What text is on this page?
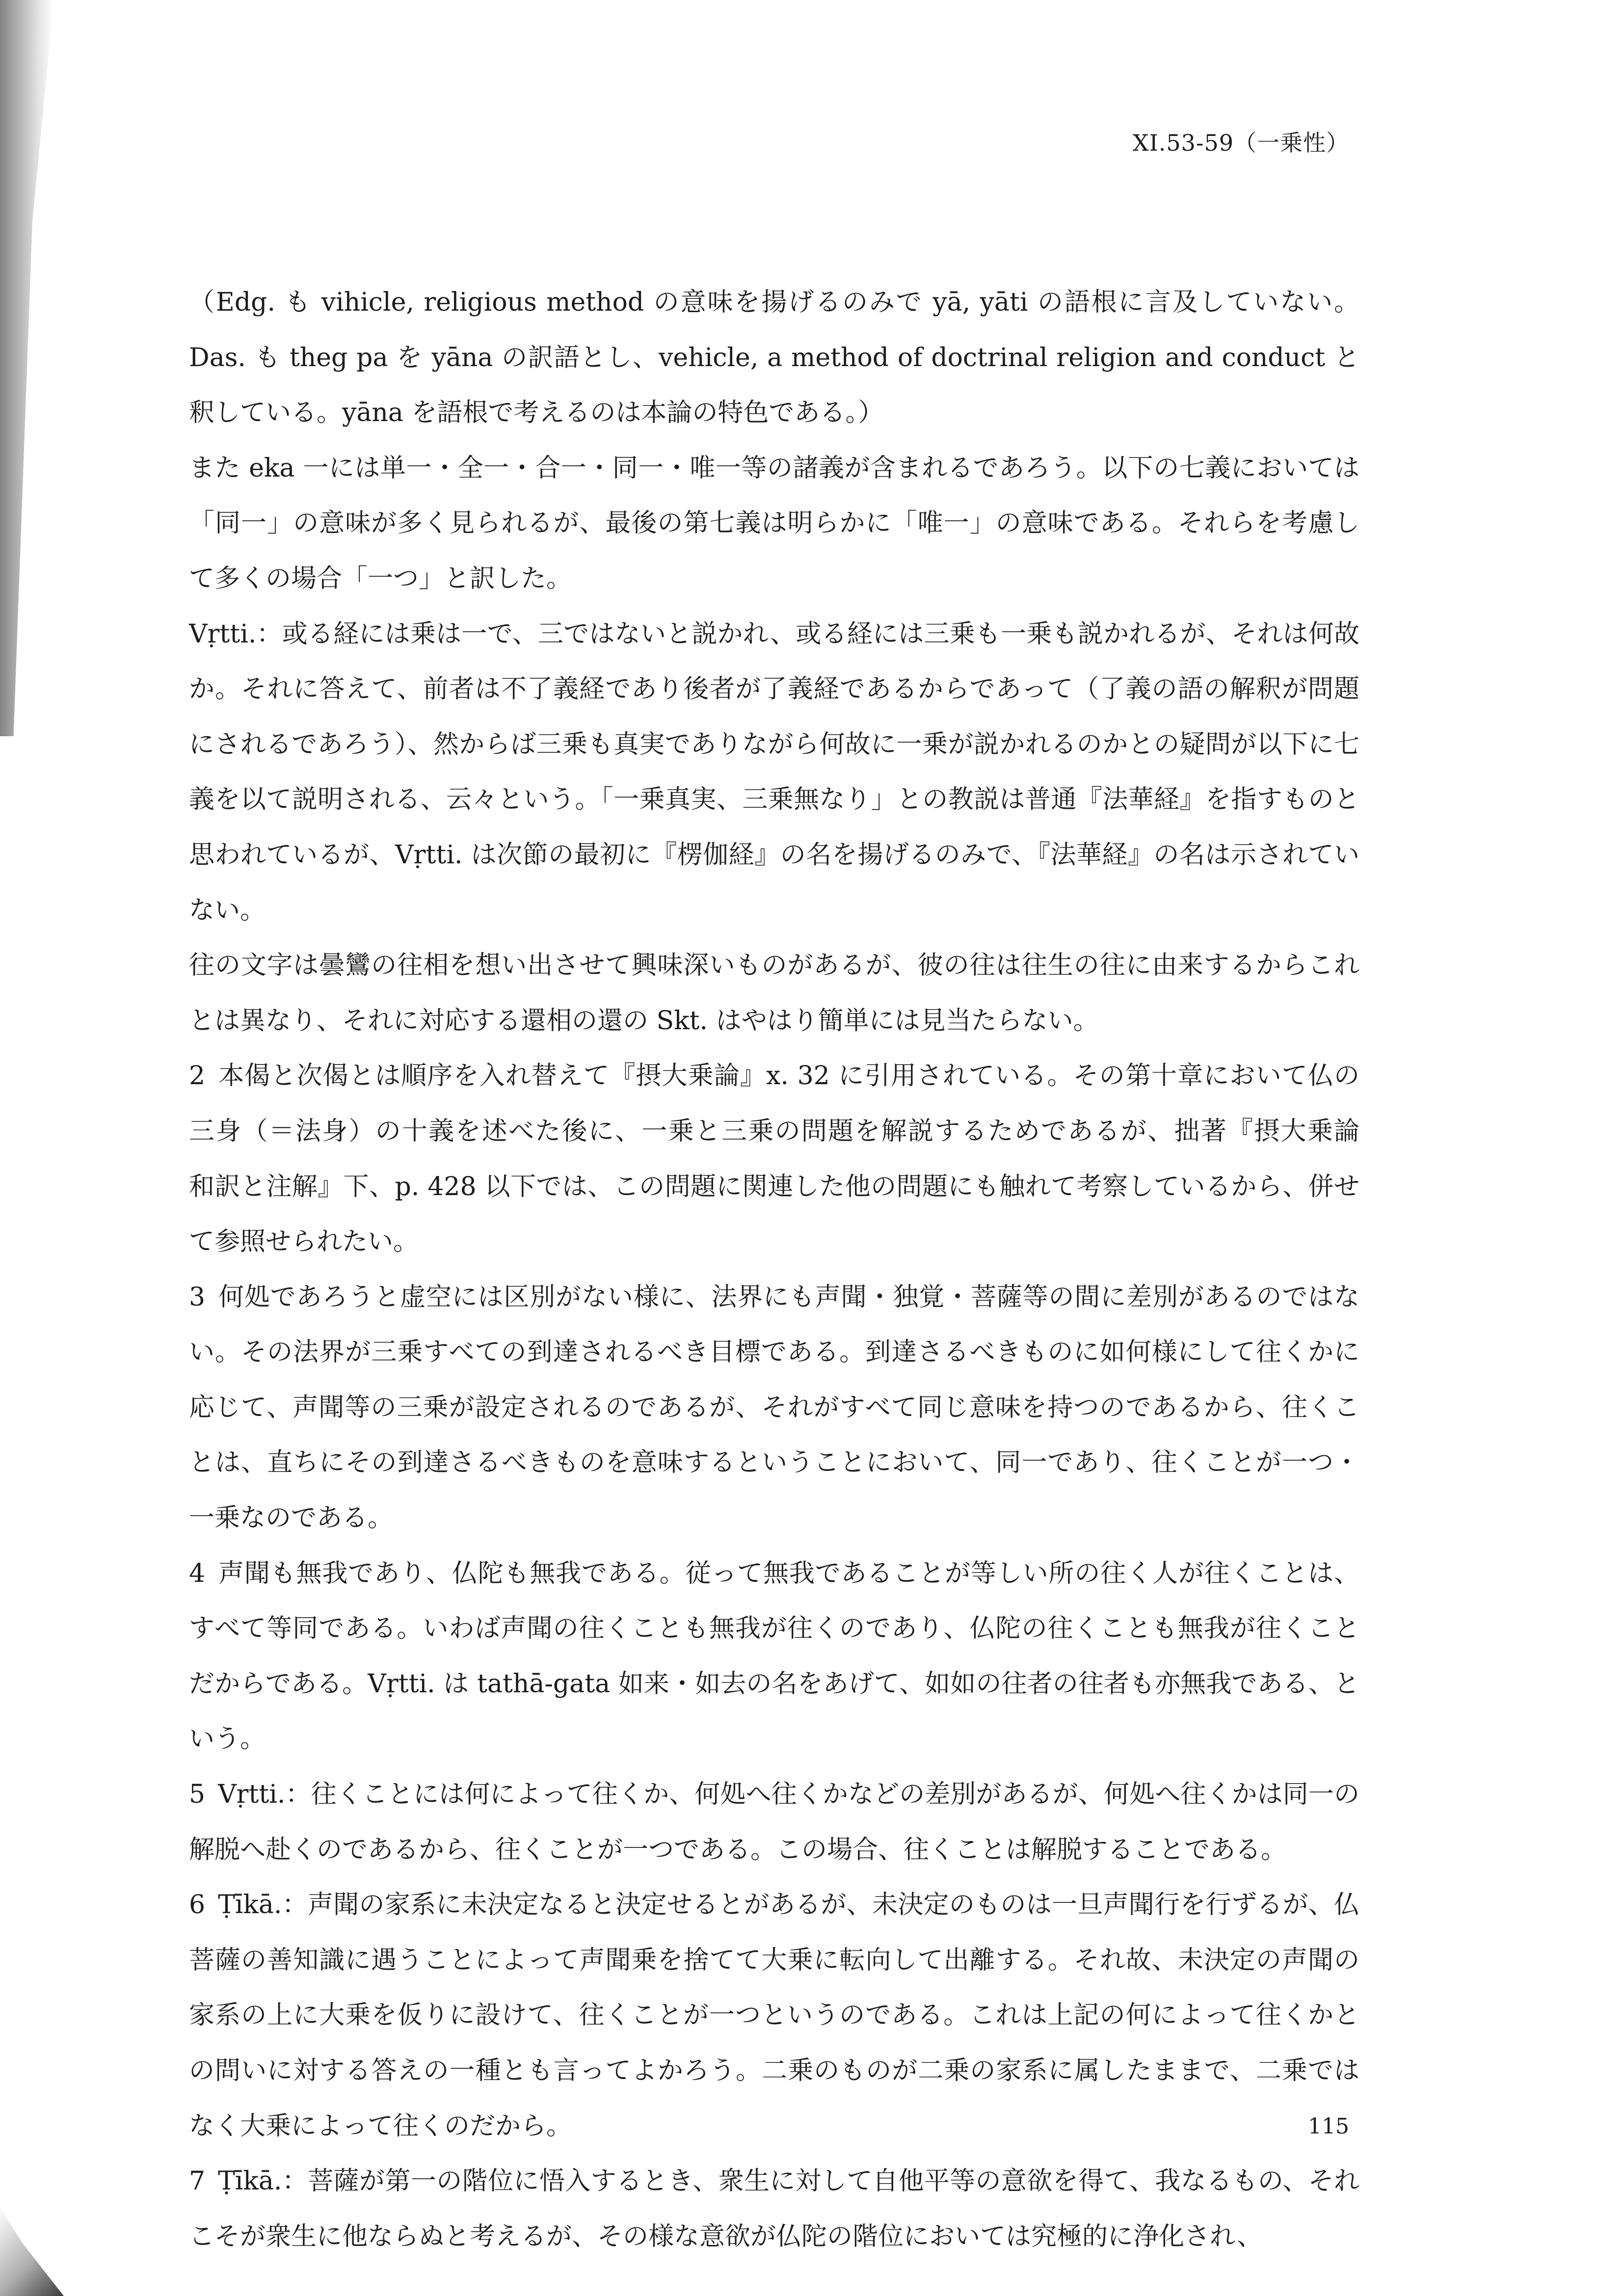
XI.53-59（一乗性）

（Edg. も vihicle, religious method の意味を揚げるのみで yā, yāti の語根に言及していない。Das. も theg pa を yāna の訳語とし、vehicle, a method of doctrinal religion and conduct と釈している。yāna を語根で考えるのは本論の特色である。）

また eka 一には単一・全一・合一・同一・唯一等の諸義が含まれるであろう。以下の七義においては「同一」の意味が多く見られるが、最後の第七義は明らかに「唯一」の意味である。それらを考慮して多くの場合「一つ」と訳した。

Vṛtti.：或る経には乗は一で、三ではないと説かれ、或る経には三乗も一乗も説かれるが、それは何故か。それに答えて、前者は不了義経であり後者が了義経であるからであって（了義の語の解釈が問題にされるであろう）、然からば三乗も真実でありながら何故に一乗が説かれるのかとの疑問が以下に七義を以て説明される、云々という。「一乗真実、三乗無なり」との教説は普通『法華経』を指すものと思われているが、Vṛtti. は次節の最初に『楞伽経』の名を揚げるのみで、『法華経』の名は示されていない。

往の文字は曇鸞の往相を想い出させて興味深いものがあるが、彼の往は往生の往に由来するからこれとは異なり、それに対応する還相の還の Skt. はやはり簡単には見当たらない。

2 本偈と次偈とは順序を入れ替えて『摂大乗論』x. 32 に引用されている。その第十章において仏の三身（＝法身）の十義を述べた後に、一乗と三乗の問題を解説するためであるが、拙著『摂大乗論　和訳と注解』下、p. 428 以下では、この問題に関連した他の問題にも触れて考察しているから、併せて参照せられたい。

3 何処であろうと虚空には区別がない様に、法界にも声聞・独覚・菩薩等の間に差別があるのではない。その法界が三乗すべての到達されるべき目標である。到達さるべきものに如何様にして往くかに応じて、声聞等の三乗が設定されるのであるが、それがすべて同じ意味を持つのであるから、往くことは、直ちにその到達さるべきものを意味するということにおいて、同一であり、往くことが一つ・一乗なのである。

4 声聞も無我であり、仏陀も無我である。従って無我であることが等しい所の往く人が往くことは、すべて等同である。いわば声聞の往くことも無我が往くのであり、仏陀の往くことも無我が往くことだからである。Vṛtti. は tathā-gata 如来・如去の名をあげて、如如の往者の往者も亦無我である、という。

5 Vṛtti.：往くことには何によって往くか、何処へ往くかなどの差別があるが、何処へ往くかは同一の解脱へ赴くのであるから、往くことが一つである。この場合、往くことは解脱することである。

6 Ṭīkā.：声聞の家系に未決定なると決定せるとがあるが、未決定のものは一旦声聞行を行ずるが、仏菩薩の善知識に遇うことによって声聞乗を捨てて大乗に転向して出離する。それ故、未決定の声聞の家系の上に大乗を仮りに設けて、往くことが一つというのである。これは上記の何によって往くかとの問いに対する答えの一種とも言ってよかろう。二乗のものが二乗の家系に属したままで、二乗ではなく大乗によって往くのだから。

7 Ṭīkā.：菩薩が第一の階位に悟入するとき、衆生に対して自他平等の意欲を得て、我なるもの、それこそが衆生に他ならぬと考えるが、その様な意欲が仏陀の階位においては究極的に浄化され、

115
